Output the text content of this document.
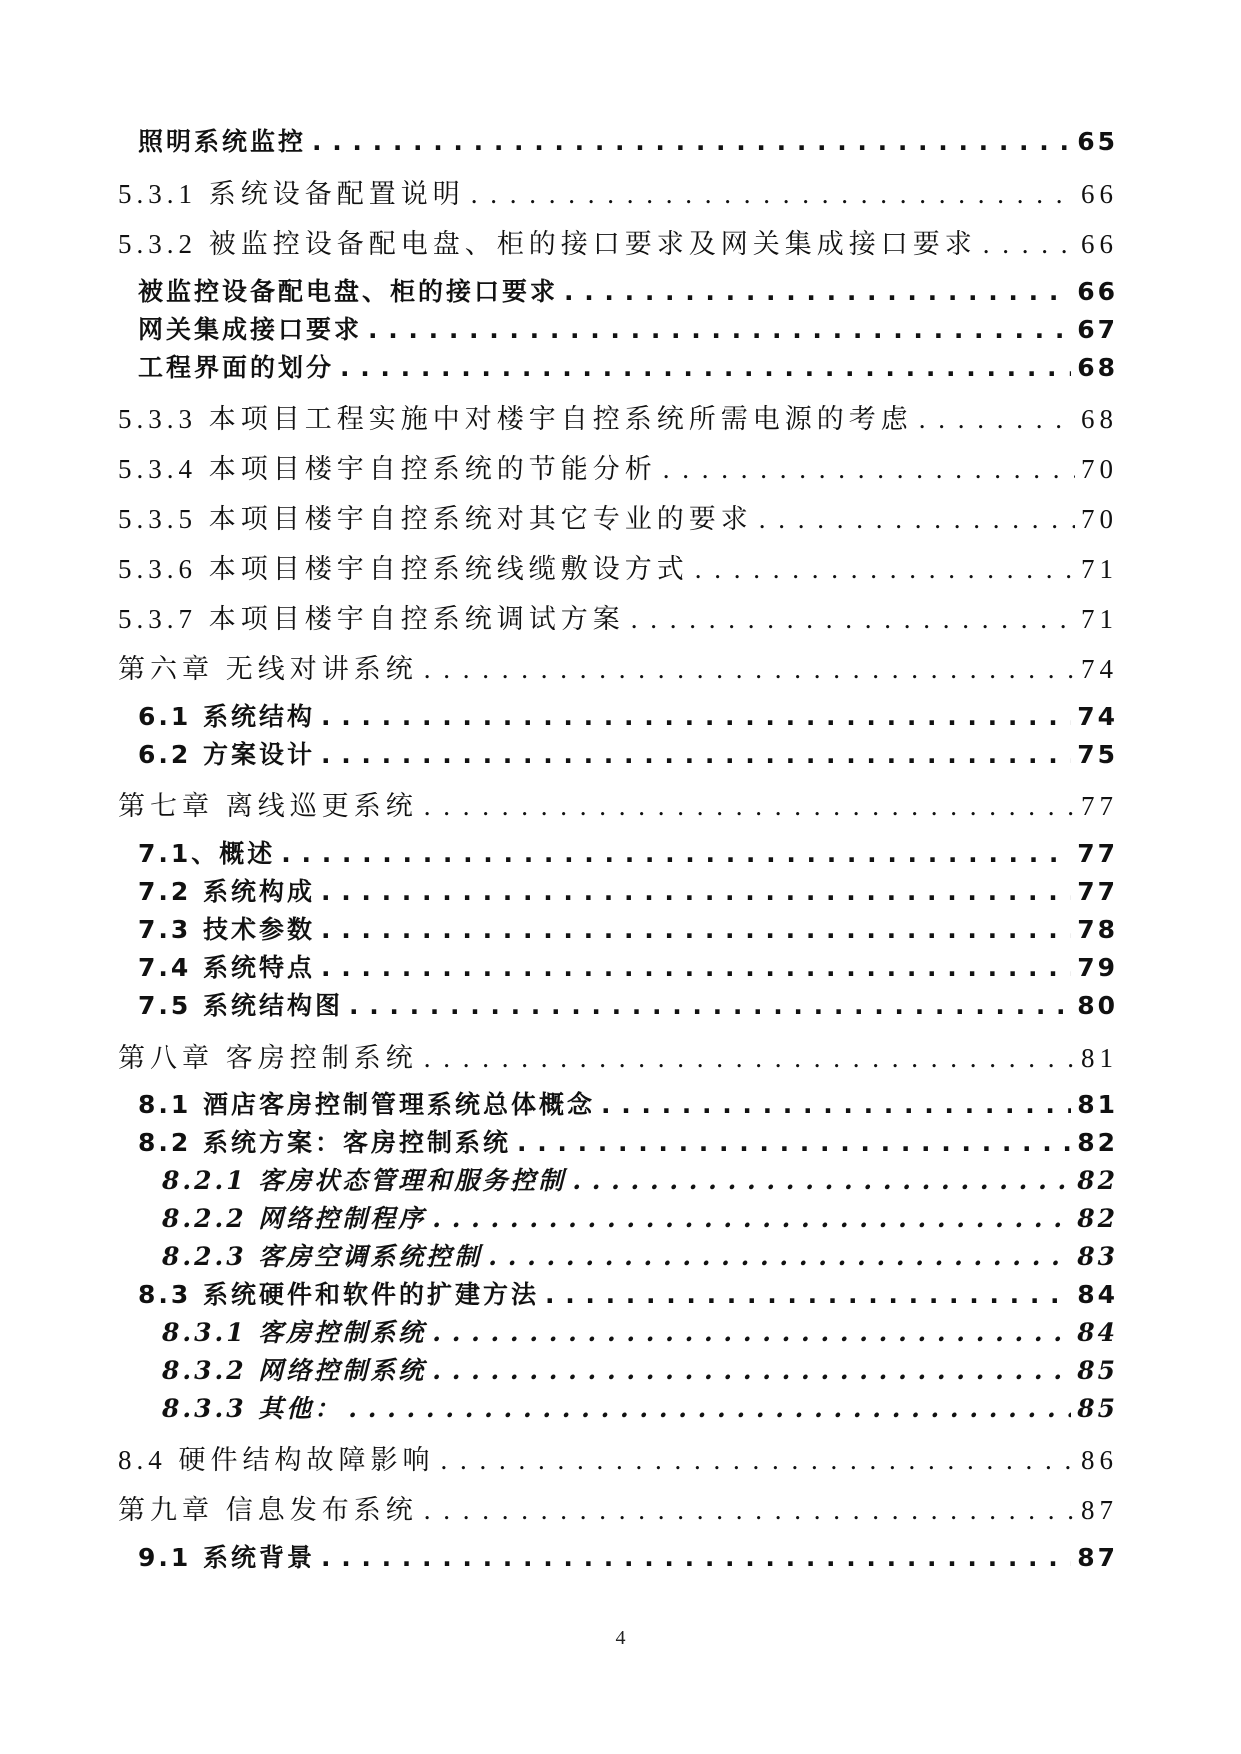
照明系统监控 . . .	65
5.3.1 系统设备配置说明 . . .	66
5.3.2 被监控设备配电盘、柜的接口要求及网关集成接口要求 . . .	66
被监控设备配电盘、柜的接口要求 . . .	66
网关集成接口要求 . . .	67
工程界面的划分 . . .	68
5.3.3 本项目工程实施中对楼宇自控系统所需电源的考虑 . . .	68
5.3.4 本项目楼宇自控系统的节能分析 . . .	70
5.3.5 本项目楼宇自控系统对其它专业的要求 . . .	70
5.3.6 本项目楼宇自控系统线缆敷设方式 . . .	71
5.3.7 本项目楼宇自控系统调试方案 . . .	71
第六章 无线对讲系统 . . .	74
6.1 系统结构 . . .	74
6.2 方案设计 . . .	75
第七章 离线巡更系统 . . .	77
7.1、概述 . . .	77
7.2 系统构成 . . .	77
7.3 技术参数 . . .	78
7.4 系统特点 . . .	79
7.5 系统结构图 . . .	80
第八章 客房控制系统 . . .	81
8.1 酒店客房控制管理系统总体概念 . . .	81
8.2 系统方案：客房控制系统 . . .	82
8.2.1 客房状态管理和服务控制 . . .	82
8.2.2 网络控制程序 . . .	82
8.2.3 客房空调系统控制 . . .	83
8.3 系统硬件和软件的扩建方法 . . .	84
8.3.1 客房控制系统 . . .	84
8.3.2 网络控制系统 . . .	85
8.3.3 其他： . . .	85
8.4 硬件结构故障影响 . . .	86
第九章 信息发布系统 . . .	87
9.1 系统背景 . . .	87
4
